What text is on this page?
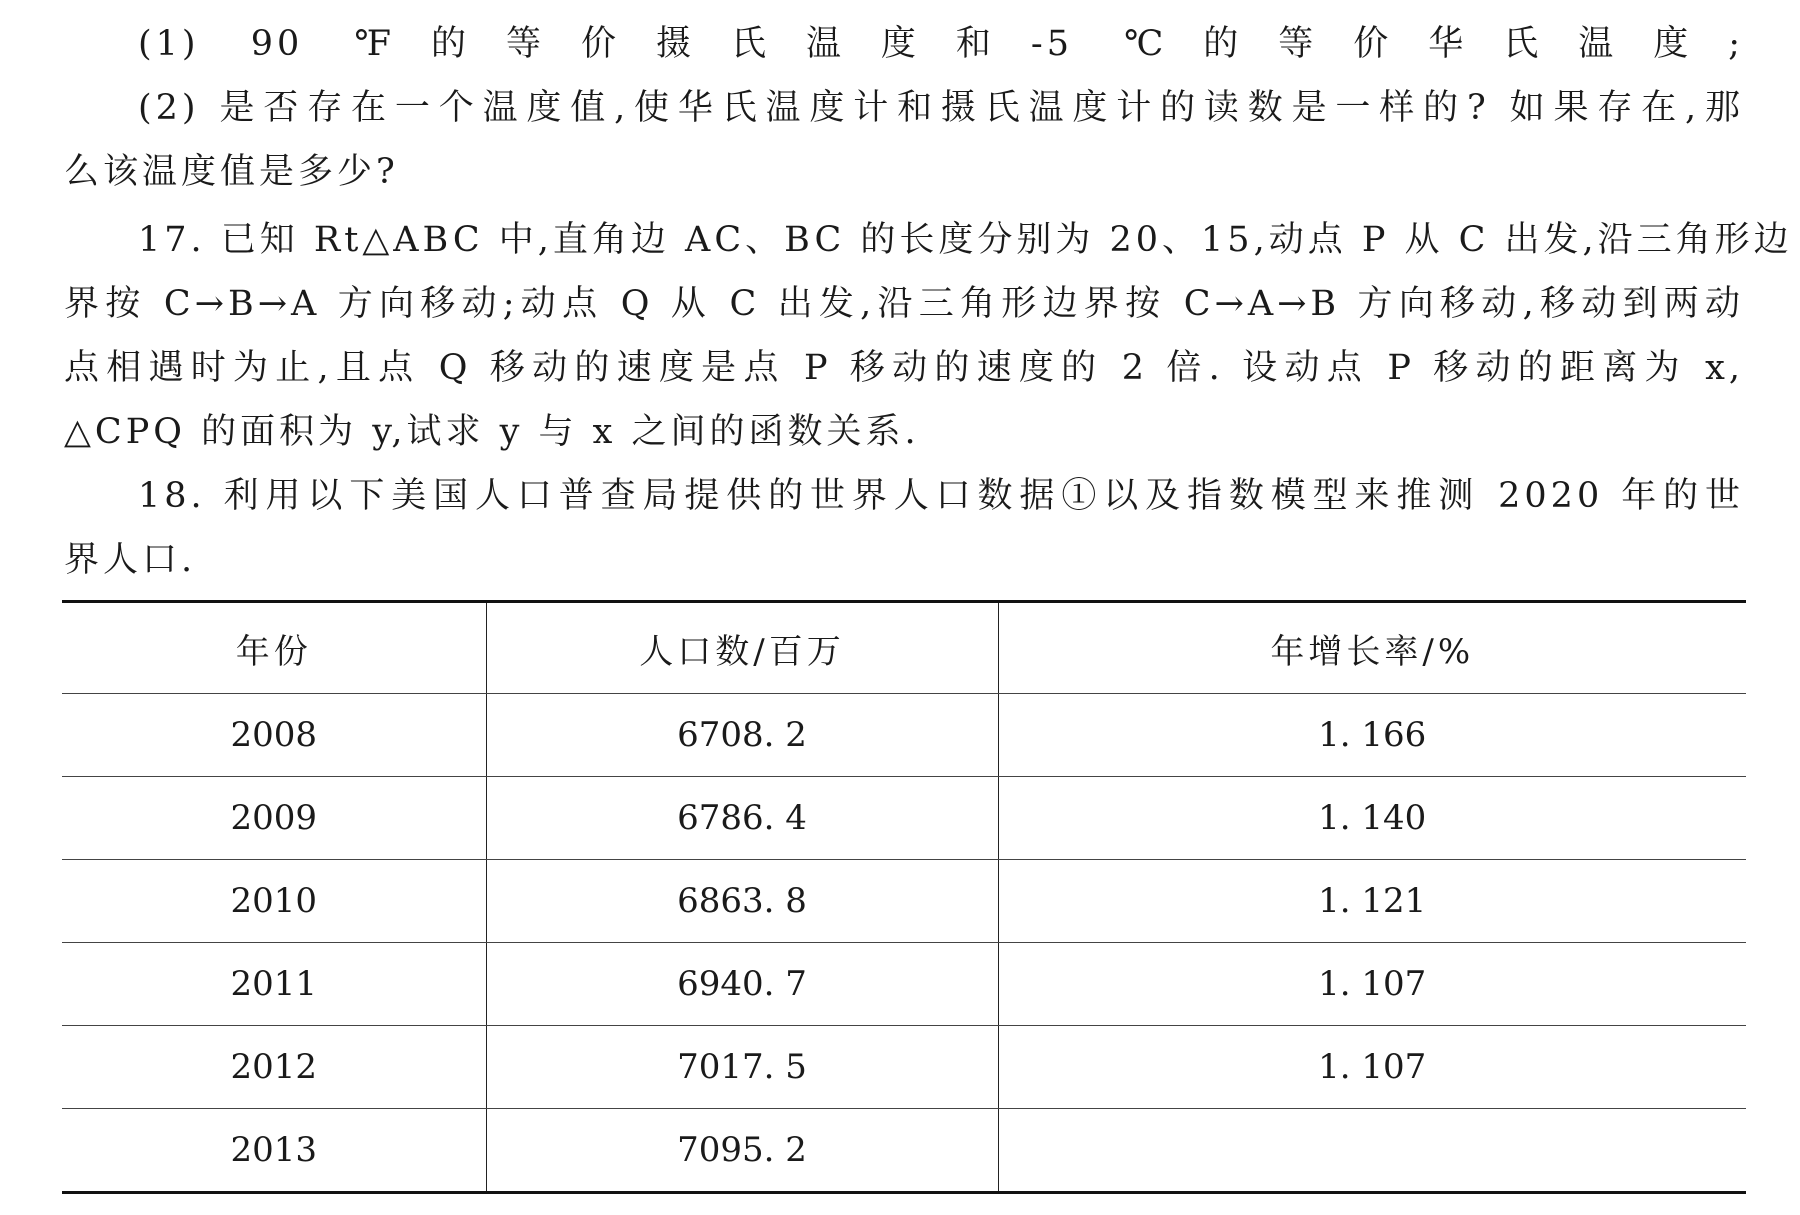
(1) 90 ℉的等价摄氏温度和-5 ℃的等价华氏温度;
(2) 是否存在一个温度值,使华氏温度计和摄氏温度计的读数是一样的? 如果存在,那
么该温度值是多少?
17. 已知 Rt△ABC 中,直角边 AC、BC 的长度分别为 20、15,动点 P 从 C 出发,沿三角形边
界按 C→B→A 方向移动;动点 Q 从 C 出发,沿三角形边界按 C→A→B 方向移动,移动到两动
点相遇时为止,且点 Q 移动的速度是点 P 移动的速度的 2 倍. 设动点 P 移动的距离为 x,
△CPQ 的面积为 y,试求 y 与 x 之间的函数关系.
18. 利用以下美国人口普查局提供的世界人口数据①以及指数模型来推测 2020 年的世
界人口.
年份	人口数/百万	年增长率/%
2008	6708. 2	1. 166
2009	6786. 4	1. 140
2010	6863. 8	1. 121
2011	6940. 7	1. 107
2012	7017. 5	1. 107
2013	7095. 2	
